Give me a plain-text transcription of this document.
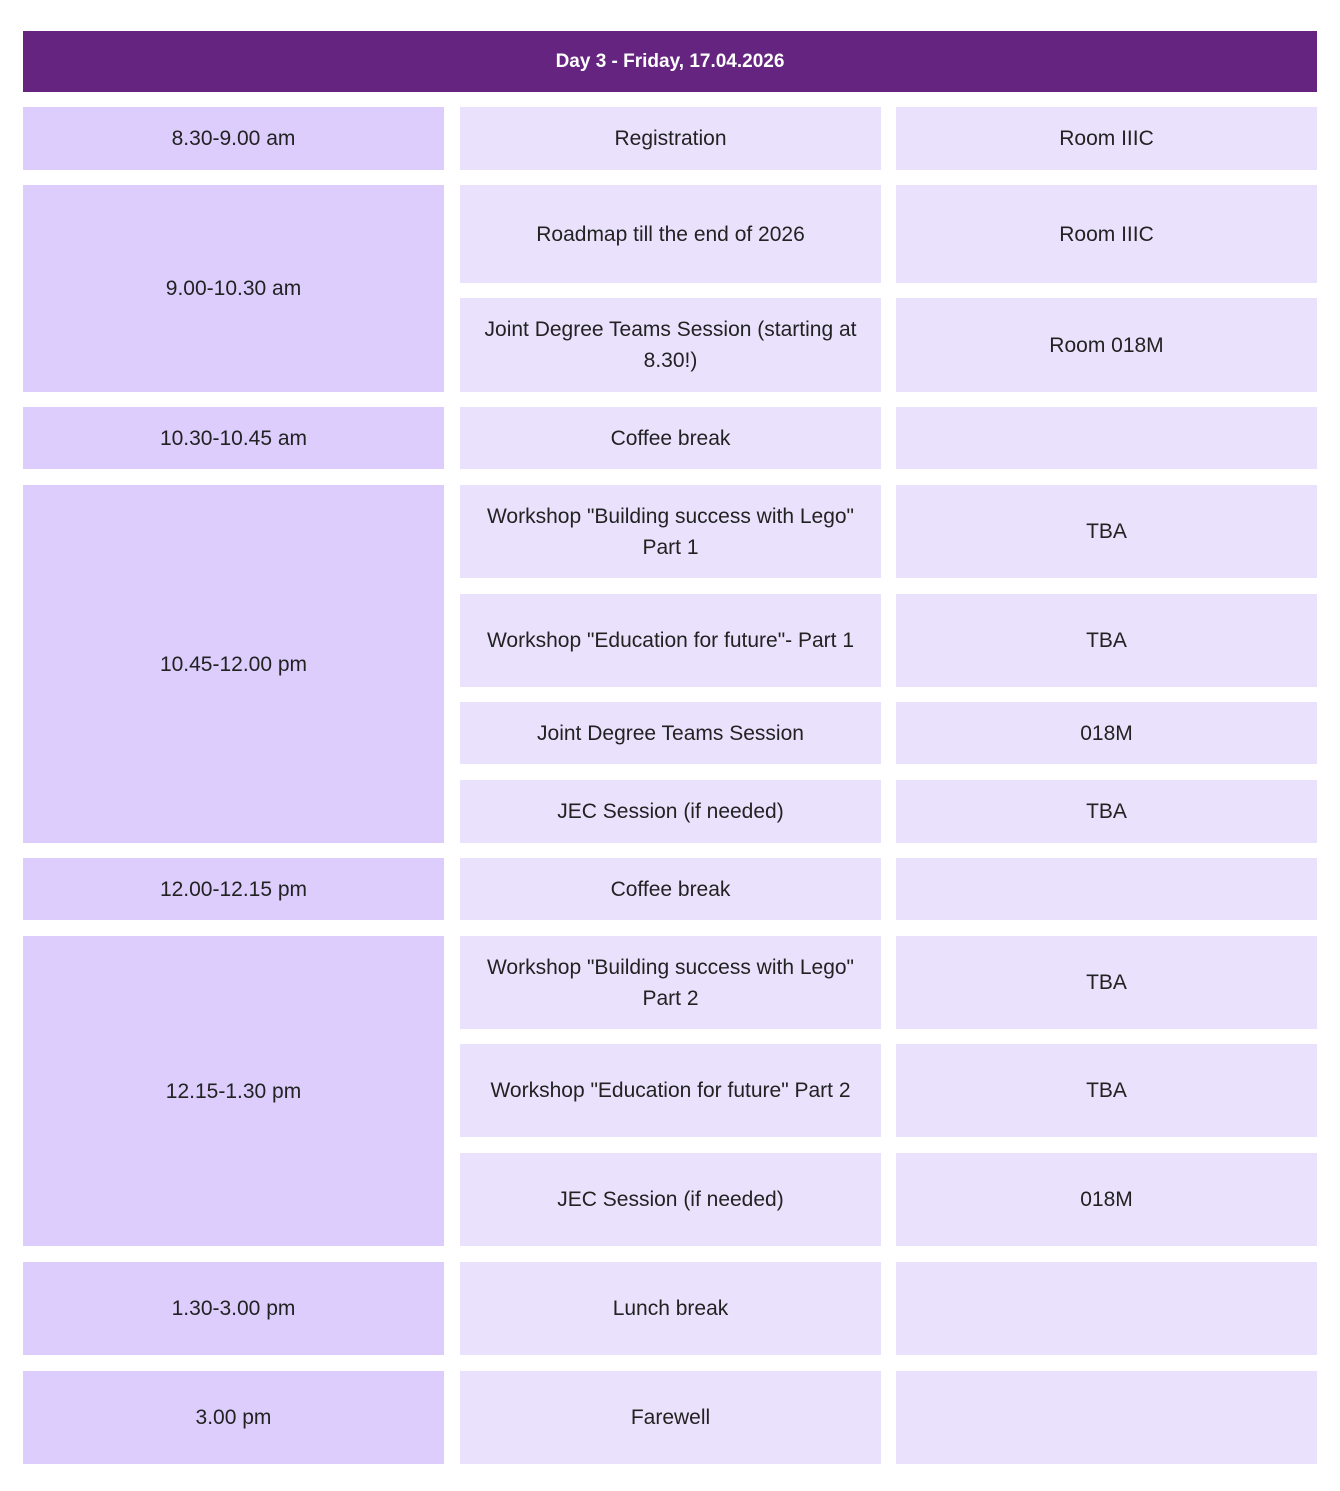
Day 3 - Friday, 17.04.2026
8.30-9.00 am
9.00-10.30 am
10.30-10.45 am
10.45-12.00 pm
12.00-12.15 pm
12.15-1.30 pm
1.30-3.00 pm
3.00 pm
Registration
Roadmap till the end of 2026
Joint Degree Teams Session (starting at 8.30!)
Coffee break
Workshop "Building success with Lego" Part 1
Workshop "Education for future"- Part 1
Joint Degree Teams Session
JEC Session (if needed)
Coffee break
Workshop "Building success with Lego" Part 2
Workshop "Education for future" Part 2
JEC Session (if needed)
Lunch break
Farewell
Room IIIC
Room IIIC
Room 018M
TBA
TBA
018M
TBA
TBA
TBA
018M
